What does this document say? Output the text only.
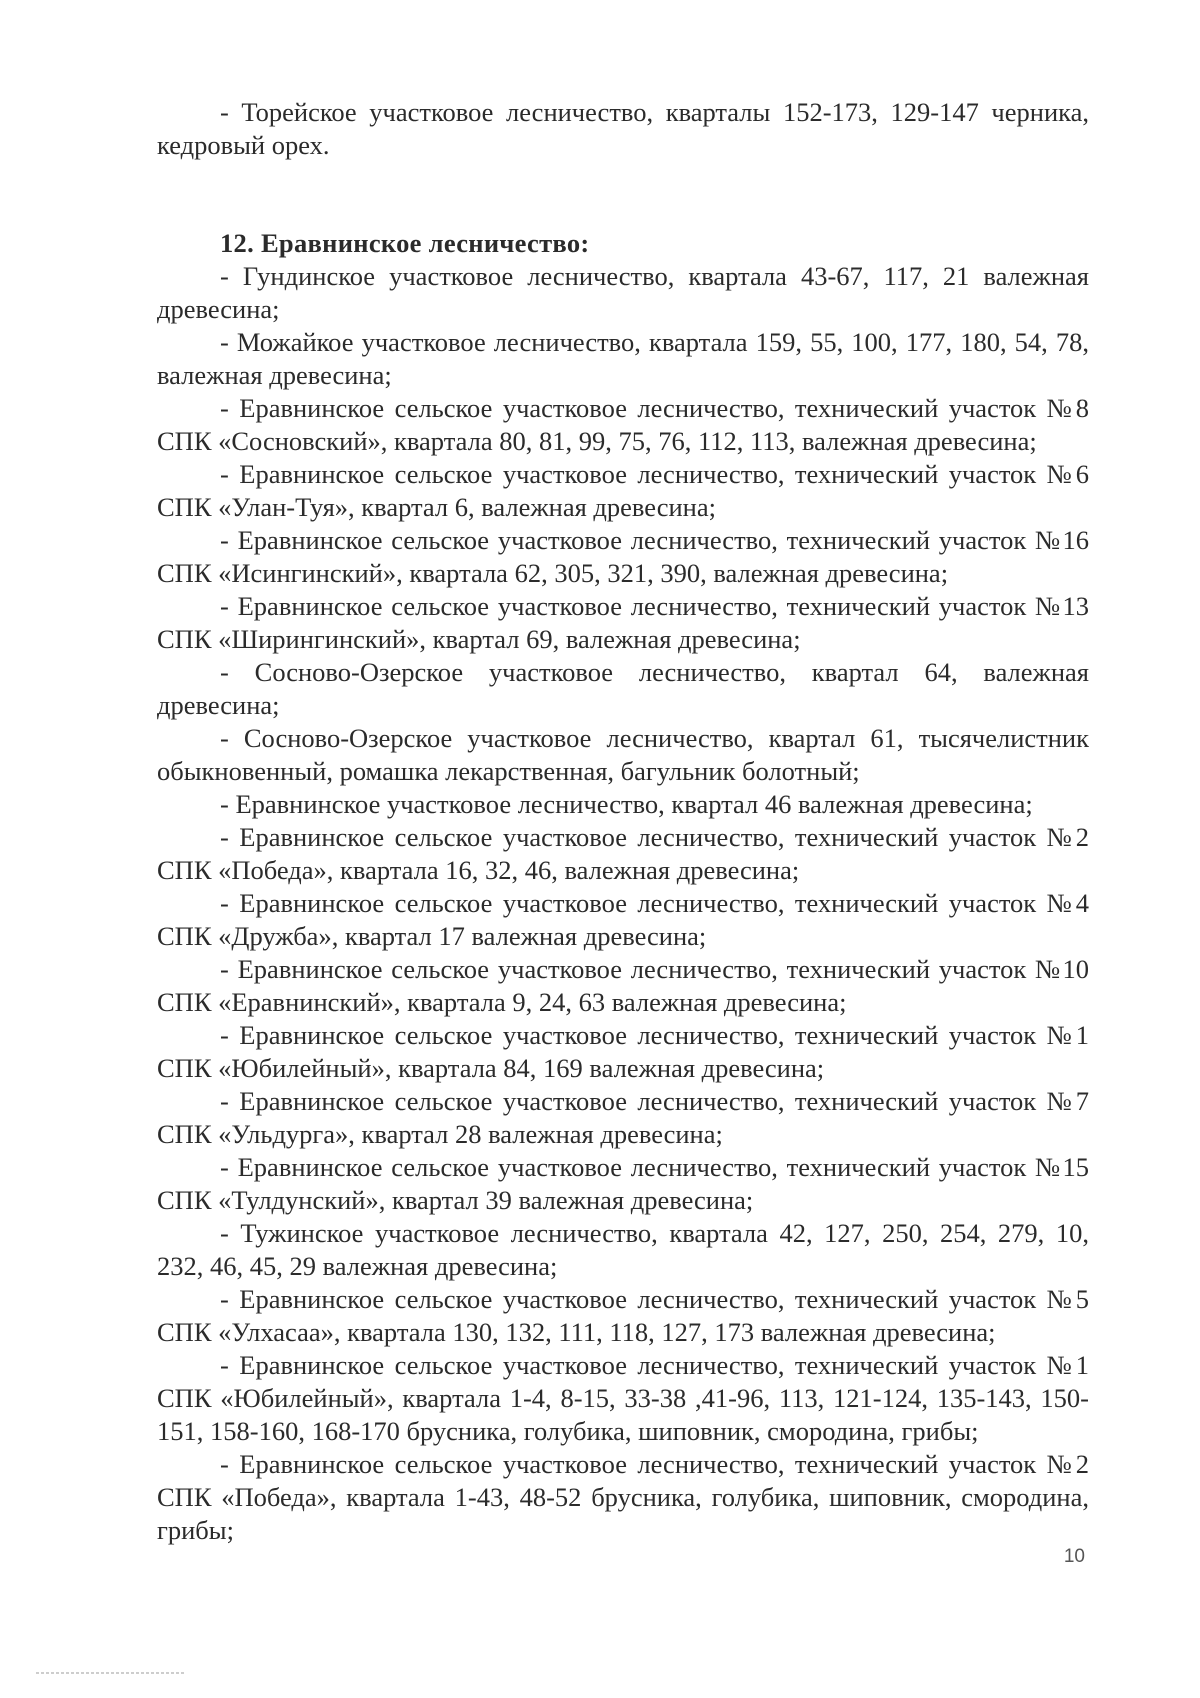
- Торейское участковое лесничество, кварталы 152-173, 129-147 черника, кедровый орех.

12. Еравнинское лесничество:

- Гундинское участковое лесничество, квартала 43-67, 117, 21 валежная древесина;

- Можайкое участковое лесничество, квартала 159, 55, 100, 177, 180, 54, 78, валежная древесина;

- Еравнинское сельское участковое лесничество, технический участок №8 СПК «Сосновский», квартала 80, 81, 99, 75, 76, 112, 113, валежная древесина;

- Еравнинское сельское участковое лесничество, технический участок №6 СПК «Улан-Туя», квартал 6, валежная древесина;

- Еравнинское сельское участковое лесничество, технический участок №16 СПК «Исингинский», квартала 62, 305, 321, 390, валежная древесина;

- Еравнинское сельское участковое лесничество, технический участок №13 СПК «Ширингинский», квартал 69, валежная древесина;

- Сосново-Озерское участковое лесничество, квартал 64, валежная древесина;

- Сосново-Озерское участковое лесничество, квартал 61, тысячелистник обыкновенный, ромашка лекарственная, багульник болотный;

- Еравнинское участковое лесничество, квартал 46 валежная древесина;

- Еравнинское сельское участковое лесничество, технический участок №2 СПК «Победа», квартала 16, 32, 46, валежная древесина;

- Еравнинское сельское участковое лесничество, технический участок №4 СПК «Дружба», квартал 17 валежная древесина;

- Еравнинское сельское участковое лесничество, технический участок №10 СПК «Еравнинский», квартала 9, 24, 63 валежная древесина;

- Еравнинское сельское участковое лесничество, технический участок №1 СПК «Юбилейный», квартала 84, 169 валежная древесина;

- Еравнинское сельское участковое лесничество, технический участок №7 СПК «Ульдурга», квартал 28 валежная древесина;

- Еравнинское сельское участковое лесничество, технический участок №15 СПК «Тулдунский», квартал 39 валежная древесина;

- Тужинское участковое лесничество, квартала 42, 127, 250, 254, 279, 10, 232, 46, 45, 29 валежная древесина;

- Еравнинское сельское участковое лесничество, технический участок №5 СПК «Улхасаа», квартала 130, 132, 111, 118, 127, 173 валежная древесина;

- Еравнинское сельское участковое лесничество, технический участок №1 СПК «Юбилейный», квартала 1-4, 8-15, 33-38 ,41-96, 113, 121-124, 135-143, 150-151, 158-160, 168-170 брусника, голубика, шиповник, смородина, грибы;

- Еравнинское сельское участковое лесничество, технический участок №2 СПК «Победа», квартала 1-43, 48-52 брусника, голубика, шиповник, смородина, грибы;

10
